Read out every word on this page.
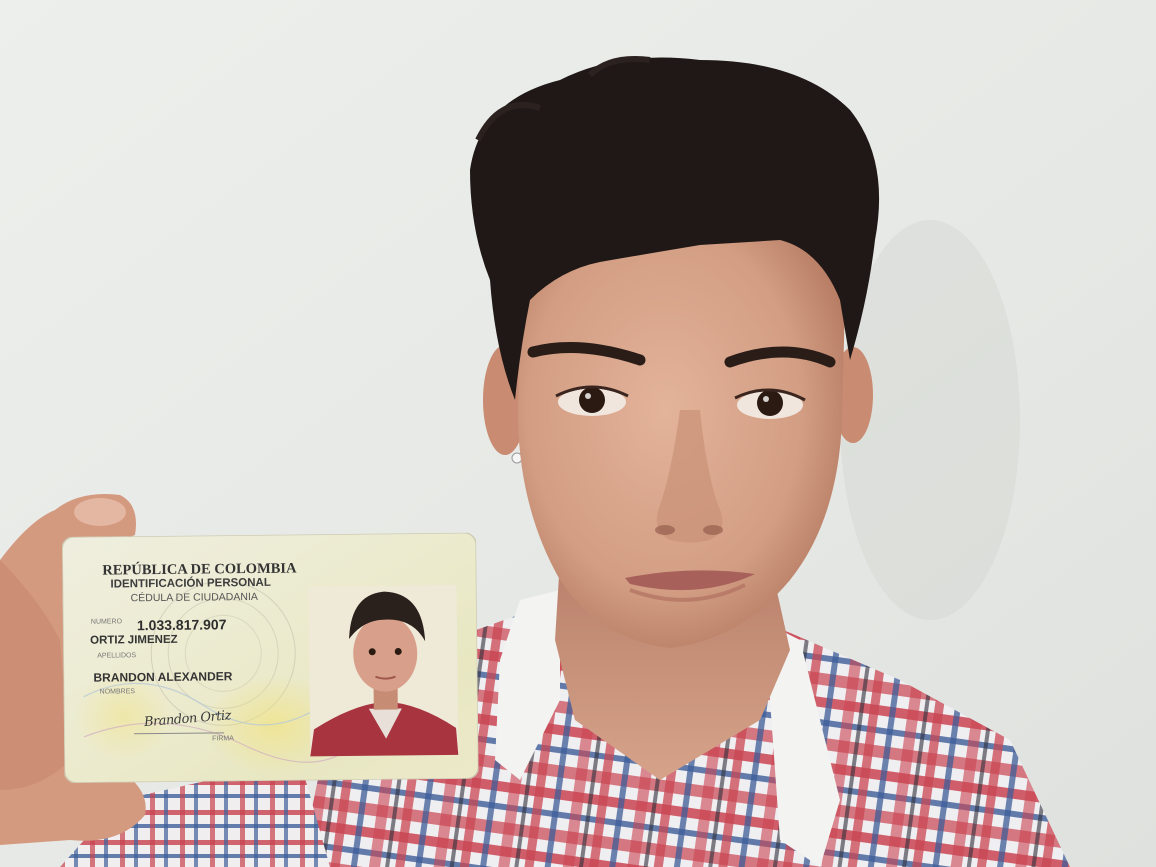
REPÚBLICA DE COLOMBIA
IDENTIFICACIÓN PERSONAL
CÉDULA DE CIUDADANIA
NUMERO 1.033.817.907
ORTIZ JIMENEZ
APELLIDOS
BRANDON ALEXANDER
NOMBRES
Brandon Ortiz
FIRMA
